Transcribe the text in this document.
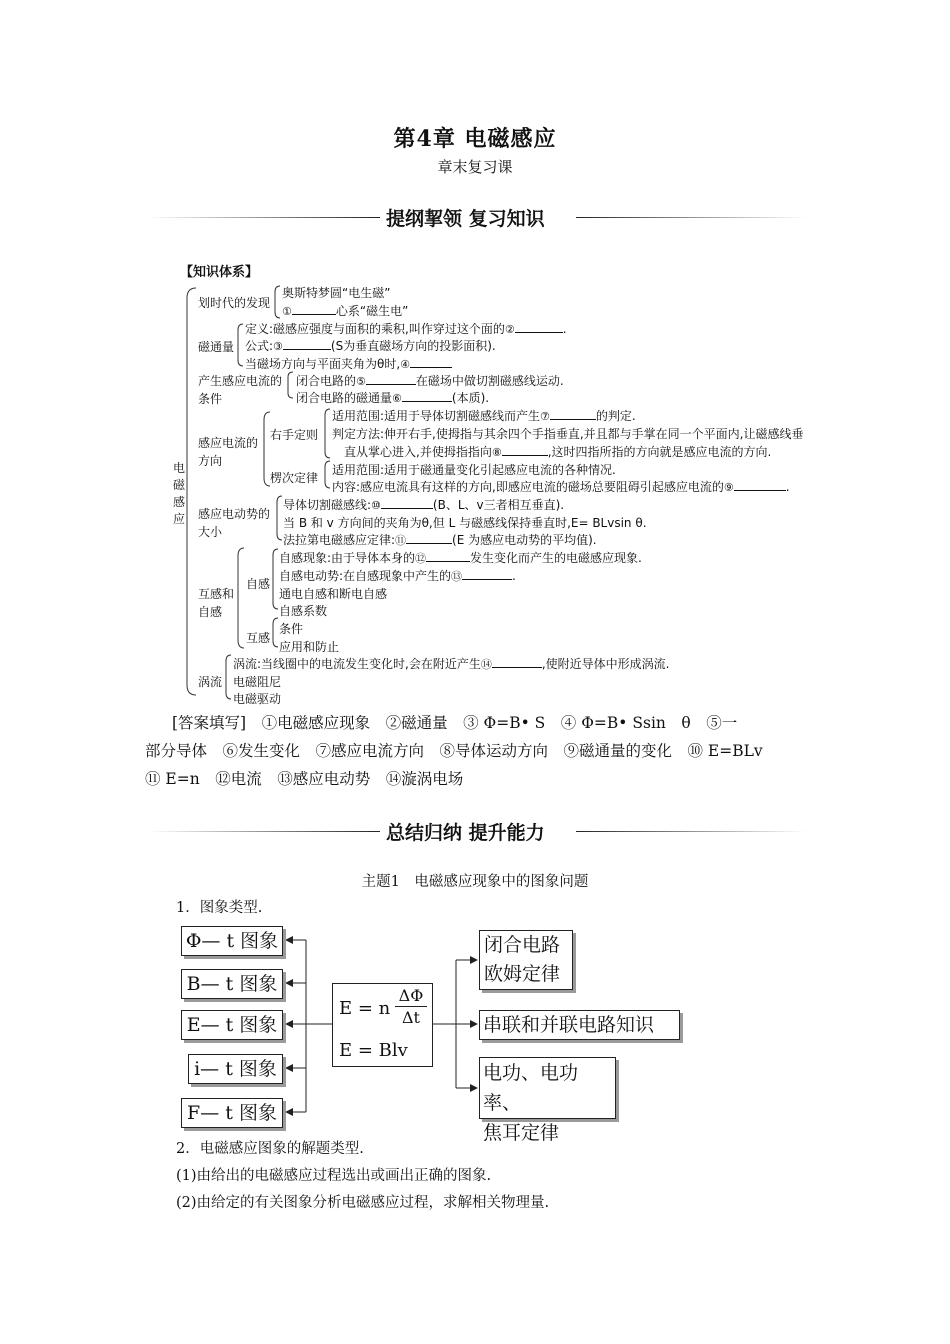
第4章 电磁感应
章末复习课
提纲挈领 复习知识
【知识体系】
电磁感应
划时代的发现
奥斯特梦圆“电生磁”
①	心系“磁生电”
磁通量
定义:磁感应强度与面积的乘积,叫作穿过这个面的②	.
公式:③	(S为垂直磁场方向的投影面积).
当磁场方向与平面夹角为θ时,④
产生感应电流的
条件
闭合电路的⑤	在磁场中做切割磁感线运动.
闭合电路的磁通量⑥	(本质).
感应电流的
方向
右手定则
适用范围:适用于导体切割磁感线而产生⑦	的判定.
判定方法:伸开右手,使拇指与其余四个手指垂直,并且都与手掌在同一个平面内,让磁感线垂
直从掌心进入,并使拇指指向⑧	,这时四指所指的方向就是感应电流的方向.
楞次定律
适用范围:适用于磁通量变化引起感应电流的各种情况.
内容:感应电流具有这样的方向,即感应电流的磁场总要阻碍引起感应电流的⑨	.
感应电动势的
大小
导体切割磁感线:⑩	(B、L、v三者相互垂直).
当 B 和 v 方向间的夹角为θ,但 L 与磁感线保持垂直时,E= BLvsin θ.
法拉第电磁感应定律:⑪	(E 为感应电动势的平均值).
互感和
自感
自感
自感现象:由于导体本身的⑫	发生变化而产生的电磁感应现象.
自感电动势:在自感现象中产生的⑬	.
通电自感和断电自感
自感系数
互感
条件
应用和防止
涡流
涡流:当线圈中的电流发生变化时,会在附近产生⑭	,使附近导体中形成涡流.
电磁阻尼
电磁驱动
[答案填写]　①电磁感应现象　②磁通量　③ Φ=B• S　④ Φ=B• Ssin　θ　⑤一
部分导体　⑥发生变化　⑦感应电流方向　⑧导体运动方向　⑨磁通量的变化　⑩ E=BLv
⑪ E=n　⑫电流　⑬感应电动势　⑭漩涡电场
总结归纳 提升能力
主题1　电磁感应现象中的图象问题
1．图象类型.
Φ— t 图象
B— t 图象
E— t 图象
i— t 图象
F— t 图象
E = n
ΔΦ
Δt
E = Blv
闭合电路
欧姆定律
串联和并联电路知识
电功、电功率、
焦耳定律
2．电磁感应图象的解题类型.
(1)由给出的电磁感应过程选出或画出正确的图象.
(2)由给定的有关图象分析电磁感应过程，求解相关物理量.
